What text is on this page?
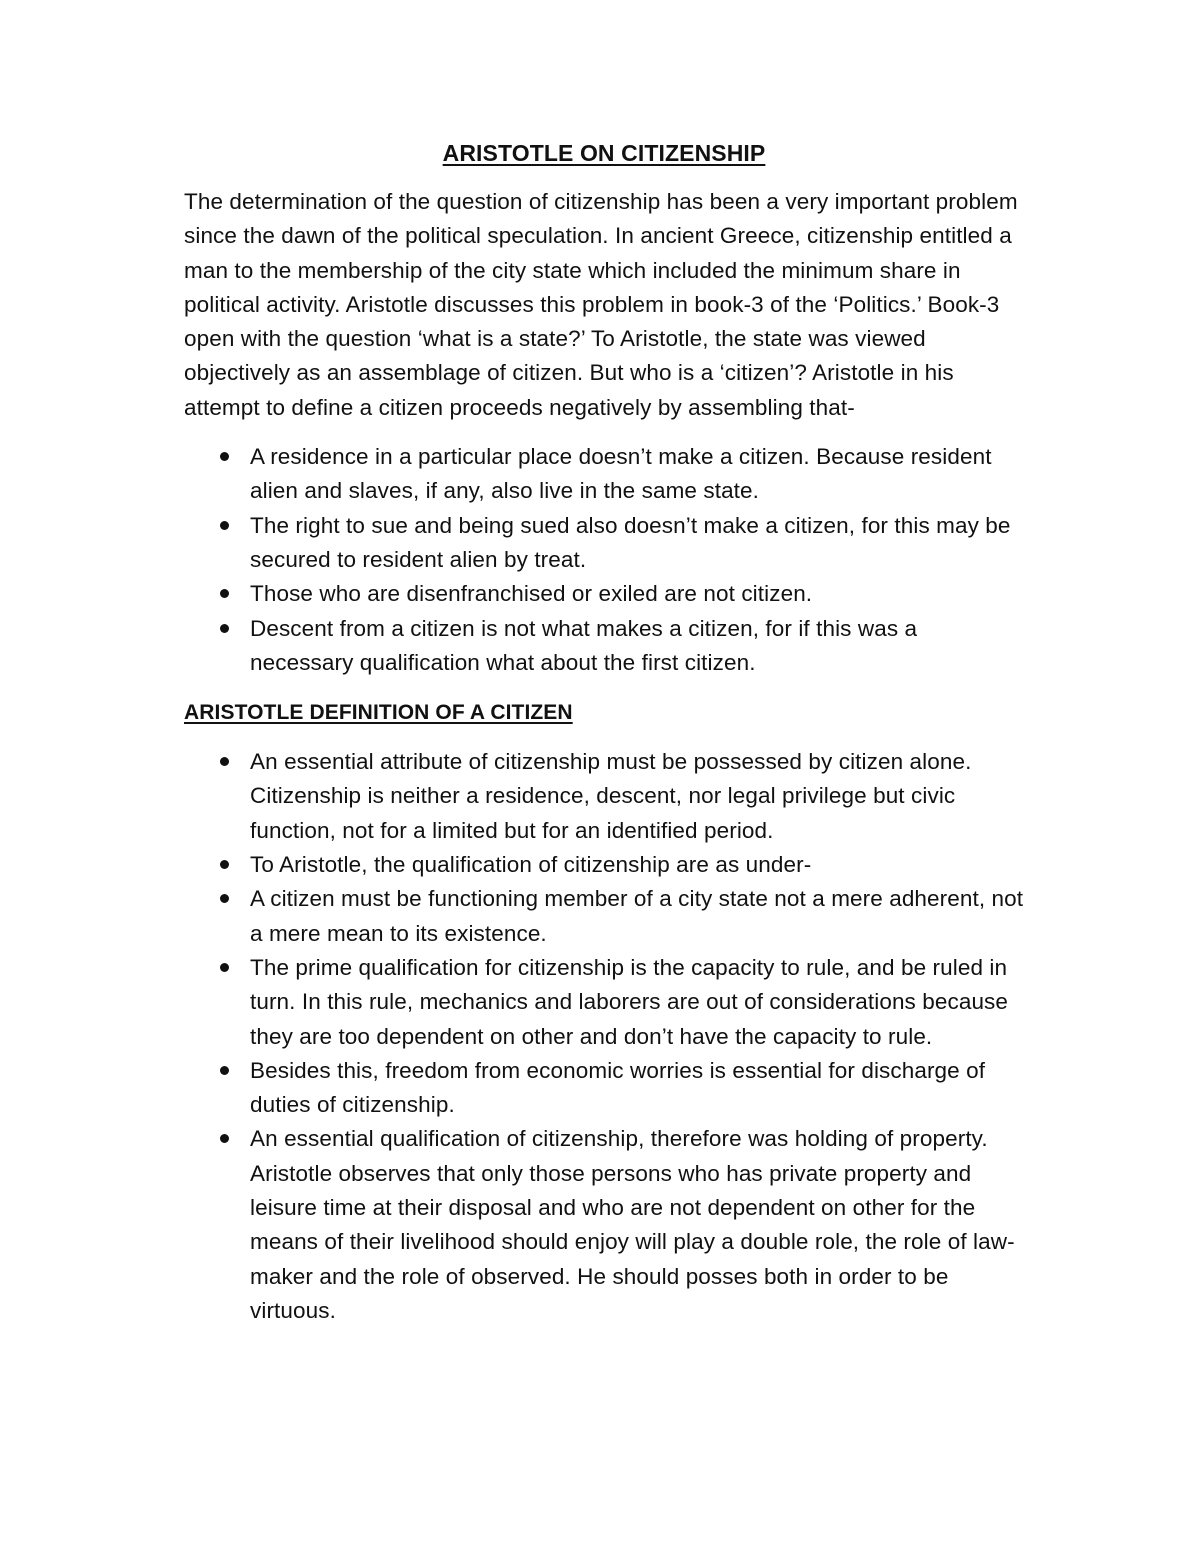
ARISTOTLE ON CITIZENSHIP

The determination of the question of citizenship has been a very important problem since the dawn of the political speculation. In ancient Greece, citizenship entitled a man to the membership of the city state which included the minimum share in political activity. Aristotle discusses this problem in book-3 of the ‘Politics.’ Book-3 open with the question ‘what is a state?’ To Aristotle, the state was viewed objectively as an assemblage of citizen. But who is a ‘citizen’? Aristotle in his attempt to define a citizen proceeds negatively by assembling that-

A residence in a particular place doesn’t make a citizen. Because resident alien and slaves, if any, also live in the same state.
The right to sue and being sued also doesn’t make a citizen, for this may be secured to resident alien by treat.
Those who are disenfranchised or exiled are not citizen.
Descent from a citizen is not what makes a citizen, for if this was a necessary qualification what about the first citizen.
ARISTOTLE DEFINITION OF A CITIZEN
An essential attribute of citizenship must be possessed by citizen alone. Citizenship is neither a residence, descent, nor legal privilege but civic function, not for a limited but for an identified period.
To Aristotle, the qualification of citizenship are as under-
A citizen must be functioning member of a city state not a mere adherent, not a mere mean to its existence.
The prime qualification for citizenship is the capacity to rule, and be ruled in turn. In this rule, mechanics and laborers are out of considerations because they are too dependent on other and don’t have the capacity to rule.
Besides this, freedom from economic worries is essential for discharge of duties of citizenship.
An essential qualification of citizenship, therefore was holding of property. Aristotle observes that only those persons who has private property and leisure time at their disposal and who are not dependent on other for the means of their livelihood should enjoy will play a double role, the role of law-maker and the role of observed. He should posses both in order to be virtuous.
